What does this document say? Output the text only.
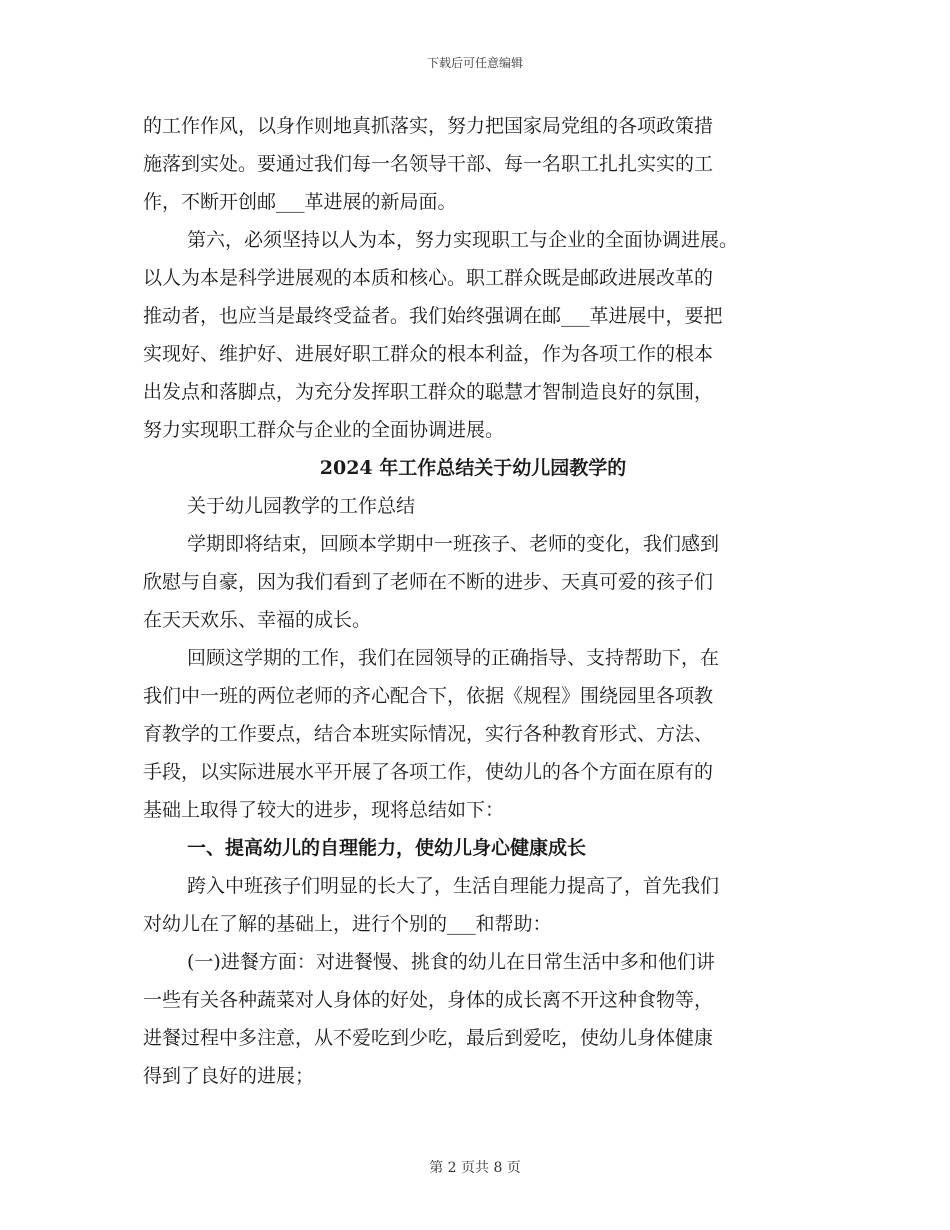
下载后可任意编辑
的工作作风，以身作则地真抓落实，努力把国家局党组的各项政策措
施落到实处。要通过我们每一名领导干部、每一名职工扎扎实实的工
作，不断开创邮___革进展的新局面。
第六，必须坚持以人为本，努力实现职工与企业的全面协调进展。
以人为本是科学进展观的本质和核心。职工群众既是邮政进展改革的
推动者，也应当是最终受益者。我们始终强调在邮___革进展中，要把
实现好、维护好、进展好职工群众的根本利益，作为各项工作的根本
出发点和落脚点，为充分发挥职工群众的聪慧才智制造良好的氛围，
努力实现职工群众与企业的全面协调进展。
2024 年工作总结关于幼儿园教学的
关于幼儿园教学的工作总结
学期即将结束，回顾本学期中一班孩子、老师的变化，我们感到
欣慰与自豪，因为我们看到了老师在不断的进步、天真可爱的孩子们
在天天欢乐、幸福的成长。
回顾这学期的工作，我们在园领导的正确指导、支持帮助下，在
我们中一班的两位老师的齐心配合下，依据《规程》围绕园里各项教
育教学的工作要点，结合本班实际情况，实行各种教育形式、方法、
手段，以实际进展水平开展了各项工作，使幼儿的各个方面在原有的
基础上取得了较大的进步，现将总结如下：
一、提高幼儿的自理能力，使幼儿身心健康成长
跨入中班孩子们明显的长大了，生活自理能力提高了，首先我们
对幼儿在了解的基础上，进行个别的___和帮助：
(一)进餐方面：对进餐慢、挑食的幼儿在日常生活中多和他们讲
一些有关各种蔬菜对人身体的好处，身体的成长离不开这种食物等，
进餐过程中多注意，从不爱吃到少吃，最后到爱吃，使幼儿身体健康
得到了良好的进展；
第 2 页共 8 页
